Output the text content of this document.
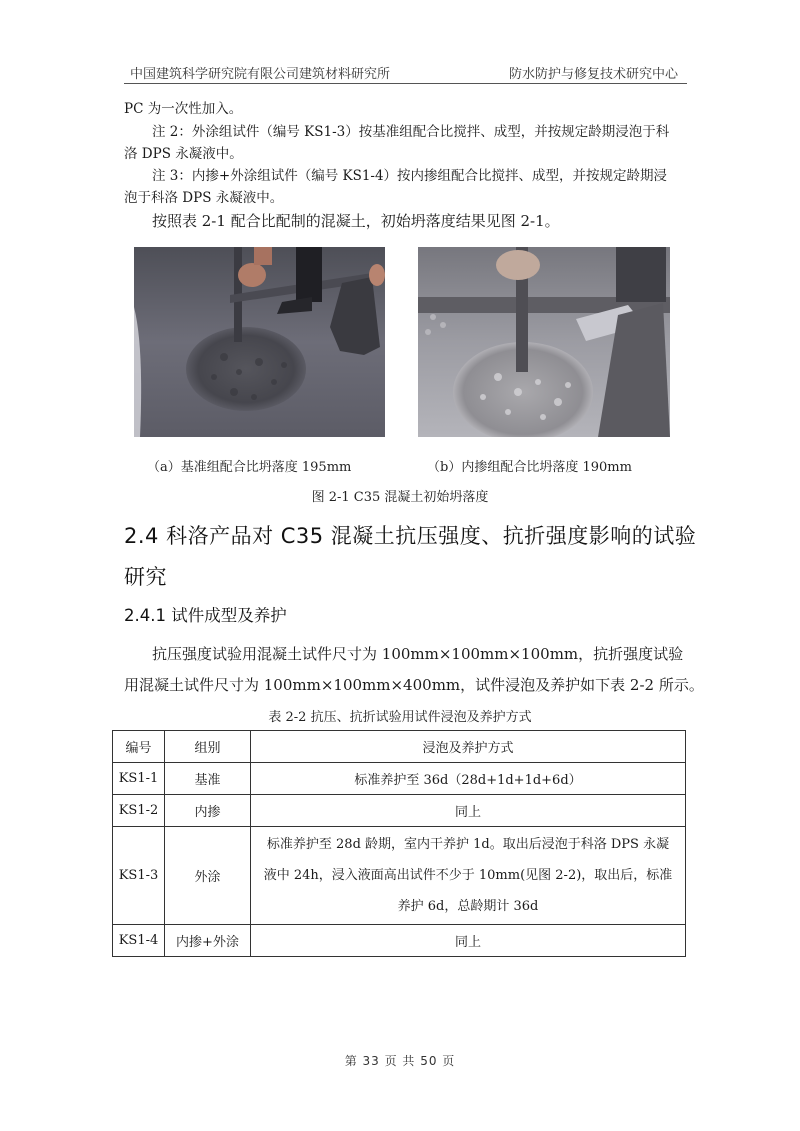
中国建筑科学研究院有限公司建筑材料研究所	防水防护与修复技术研究中心
PC 为一次性加入。
注 2：外涂组试件（编号 KS1-3）按基准组配合比搅拌、成型，并按规定龄期浸泡于科
洛 DPS 永凝液中。
注 3：内掺+外涂组试件（编号 KS1-4）按内掺组配合比搅拌、成型，并按规定龄期浸
泡于科洛 DPS 永凝液中。
按照表 2-1 配合比配制的混凝土，初始坍落度结果见图 2-1。
（a）基准组配合比坍落度 195mm	（b）内掺组配合比坍落度 190mm
图 2-1 C35 混凝土初始坍落度
2.4 科洛产品对 C35 混凝土抗压强度、抗折强度影响的试验
研究
2.4.1 试件成型及养护
抗压强度试验用混凝土试件尺寸为 100mm×100mm×100mm，抗折强度试验
用混凝土试件尺寸为 100mm×100mm×400mm，试件浸泡及养护如下表 2-2 所示。
表 2-2 抗压、抗折试验用试件浸泡及养护方式
编号	组别	浸泡及养护方式
KS1-1	基准	标准养护至 36d（28d+1d+1d+6d）
KS1-2	内掺	同上
KS1-3	外涂	标准养护至 28d 龄期，室内干养护 1d。取出后浸泡于科洛 DPS 永凝
液中 24h，浸入液面高出试件不少于 10mm(见图 2-2)，取出后，标准
养护 6d，总龄期计 36d

KS1-4	内掺+外涂	同上
第 33 页 共 50 页
